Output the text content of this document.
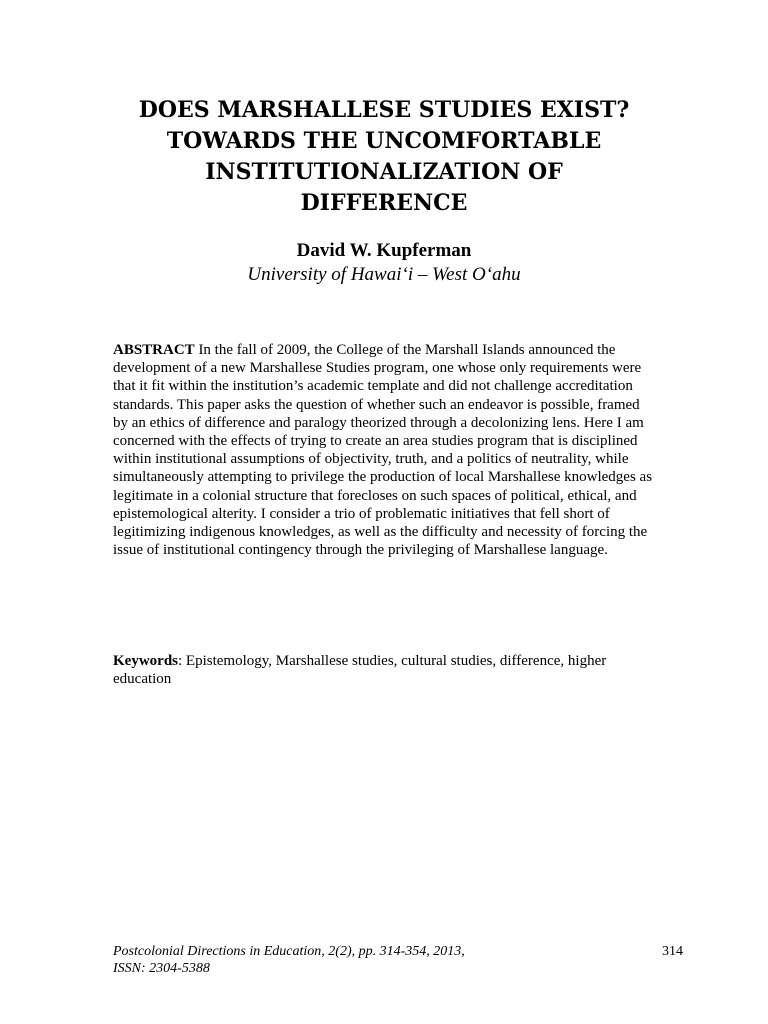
DOES MARSHALLESE STUDIES EXIST?
TOWARDS THE UNCOMFORTABLE
INSTITUTIONALIZATION OF
DIFFERENCE
David W. Kupferman
University of Hawai‘i – West O‘ahu

ABSTRACT In the fall of 2009, the College of the Marshall Islands announced the development of a new Marshallese Studies program, one whose only requirements were that it fit within the institution’s academic template and did not challenge accreditation standards. This paper asks the question of whether such an endeavor is possible, framed by an ethics of difference and paralogy theorized through a decolonizing lens. Here I am concerned with the effects of trying to create an area studies program that is disciplined within institutional assumptions of objectivity, truth, and a politics of neutrality, while simultaneously attempting to privilege the production of local Marshallese knowledges as legitimate in a colonial structure that forecloses on such spaces of political, ethical, and epistemological alterity. I consider a trio of problematic initiatives that fell short of legitimizing indigenous knowledges, as well as the difficulty and necessity of forcing the issue of institutional contingency through the privileging of Marshallese language.

Keywords: Epistemology, Marshallese studies, cultural studies, difference, higher education

Postcolonial Directions in Education, 2(2), pp. 314-354, 2013,
ISSN: 2304-5388
314
